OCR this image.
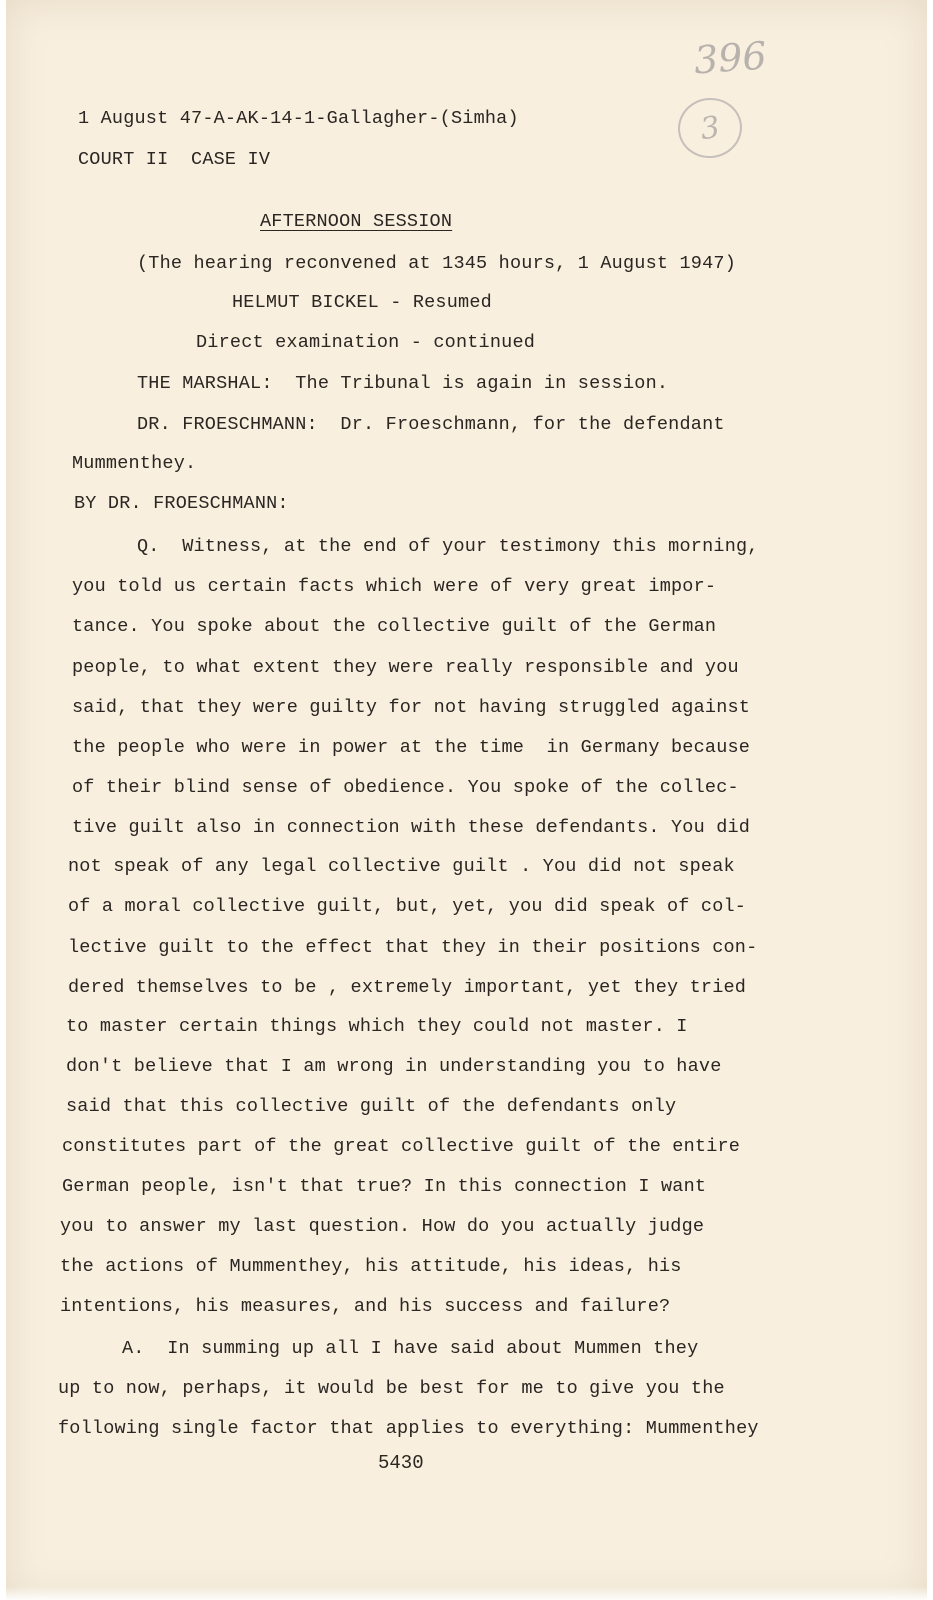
396
3
1 August 47-A-AK-14-1-Gallagher-(Simha)
COURT II  CASE IV
AFTERNOON SESSION
(The hearing reconvened at 1345 hours, 1 August 1947)
HELMUT BICKEL - Resumed
Direct examination - continued
THE MARSHAL:  The Tribunal is again in session.
DR. FROESCHMANN:  Dr. Froeschmann, for the defendant
Mummenthey.
BY DR. FROESCHMANN:
Q.  Witness, at the end of your testimony this morning,
you told us certain facts which were of very great impor-
tance. You spoke about the collective guilt of the German
people, to what extent they were really responsible and you
said, that they were guilty for not having struggled against
the people who were in power at the time  in Germany because
of their blind sense of obedience. You spoke of the collec-
tive guilt also in connection with these defendants. You did
not speak of any legal collective guilt . You did not speak
of a moral collective guilt, but, yet, you did speak of col-
lective guilt to the effect that they in their positions con-
dered themselves to be , extremely important, yet they tried
to master certain things which they could not master. I
don't believe that I am wrong in understanding you to have
said that this collective guilt of the defendants only
constitutes part of the great collective guilt of the entire
German people, isn't that true? In this connection I want
you to answer my last question. How do you actually judge
the actions of Mummenthey, his attitude, his ideas, his
intentions, his measures, and his success and failure?
A.  In summing up all I have said about Mummen they
up to now, perhaps, it would be best for me to give you the
following single factor that applies to everything: Mummenthey
5430
